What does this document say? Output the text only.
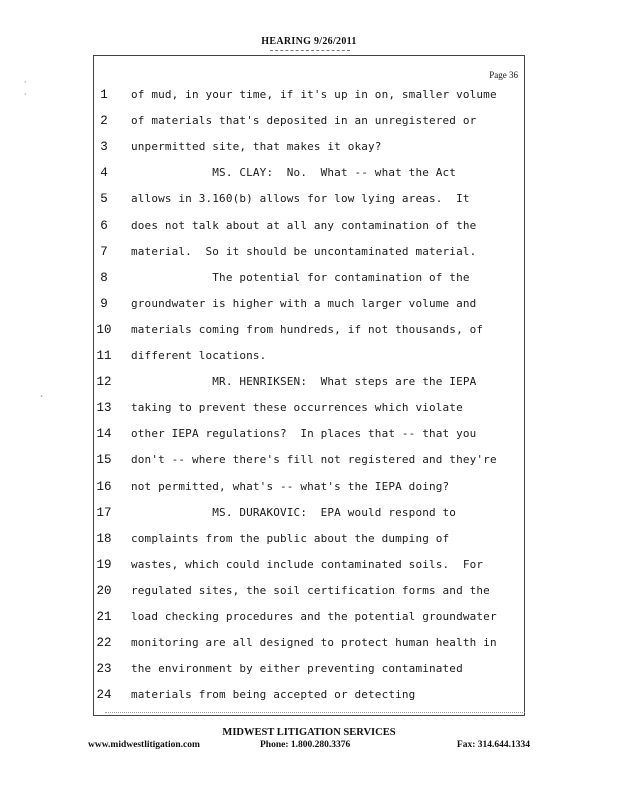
HEARING 9/26/2011
Page 36
·
·
`
1	of mud, in your time, if it's up in on, smaller volume
2	of materials that's deposited in an unregistered or
3	unpermitted site, that makes it okay?
4	MS. CLAY:  No.  What -- what the Act
5	allows in 3.160(b) allows for low lying areas.  It
6	does not talk about at all any contamination of the
7	material.  So it should be uncontaminated material.
8	The potential for contamination of the
9	groundwater is higher with a much larger volume and
10 materials coming from hundreds, if not thousands, of
11 different locations.
12 MR. HENRIKSEN:  What steps are the IEPA
13 taking to prevent these occurrences which violate
14 other IEPA regulations?  In places that -- that you
15 don't -- where there's fill not registered and they're
16 not permitted, what's -- what's the IEPA doing?
17 MS. DURAKOVIC:  EPA would respond to
18 complaints from the public about the dumping of
19 wastes, which could include contaminated soils.  For
20 regulated sites, the soil certification forms and the
21 load checking procedures and the potential groundwater
22 monitoring are all designed to protect human health in
23 the environment by either preventing contaminated
24 materials from being accepted or detecting
MIDWEST LITIGATION SERVICES
www.midwestlitigation.com	Phone: 1.800.280.3376	Fax: 314.644.1334
